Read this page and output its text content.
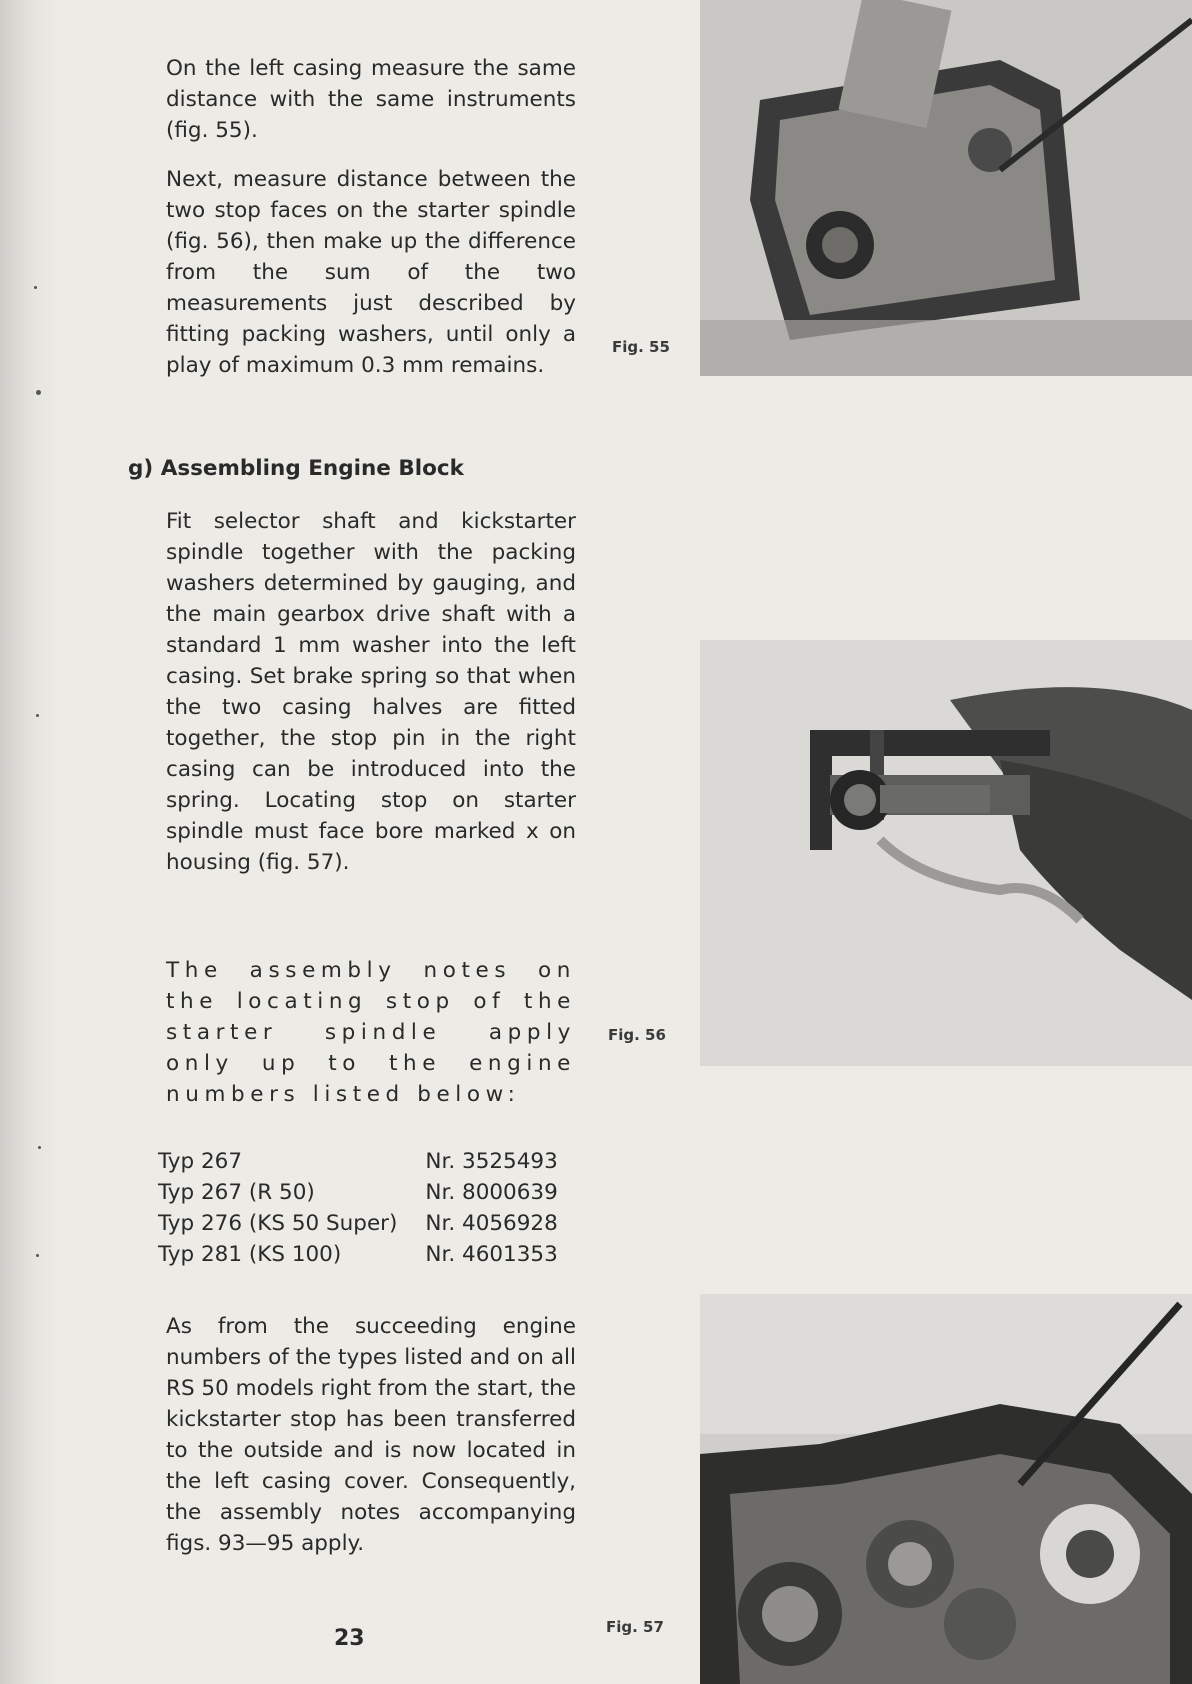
On the left casing measure the same distance with the same instruments (fig. 55).

Next, measure distance between the two stop faces on the starter spindle (fig. 56), then make up the difference from the sum of the two measurements just described by fitting packing washers, until only a play of maximum 0.3 mm remains.

g) Assembling Engine Block

Fit selector shaft and kickstarter spindle together with the packing washers determined by gauging, and the main gearbox drive shaft with a standard 1 mm washer into the left casing. Set brake spring so that when the two casing halves are fitted together, the stop pin in the right casing can be introduced into the spring. Locating stop on starter spindle must face bore marked x on housing (fig. 57).

The assembly notes on the locating stop of the starter spindle apply only up to the engine numbers listed below:

Typ 267	Nr. 3525493
Typ 267 (R 50)	Nr. 8000639
Typ 276 (KS 50 Super)	Nr. 4056928
Typ 281 (KS 100)	Nr. 4601353

As from the succeeding engine numbers of the types listed and on all RS 50 models right from the start, the kickstarter stop has been transferred to the outside and is now located in the left casing cover. Consequently, the assembly notes accompanying figs. 93—95 apply.

23
Fig. 55
Fig. 56
Fig. 57
